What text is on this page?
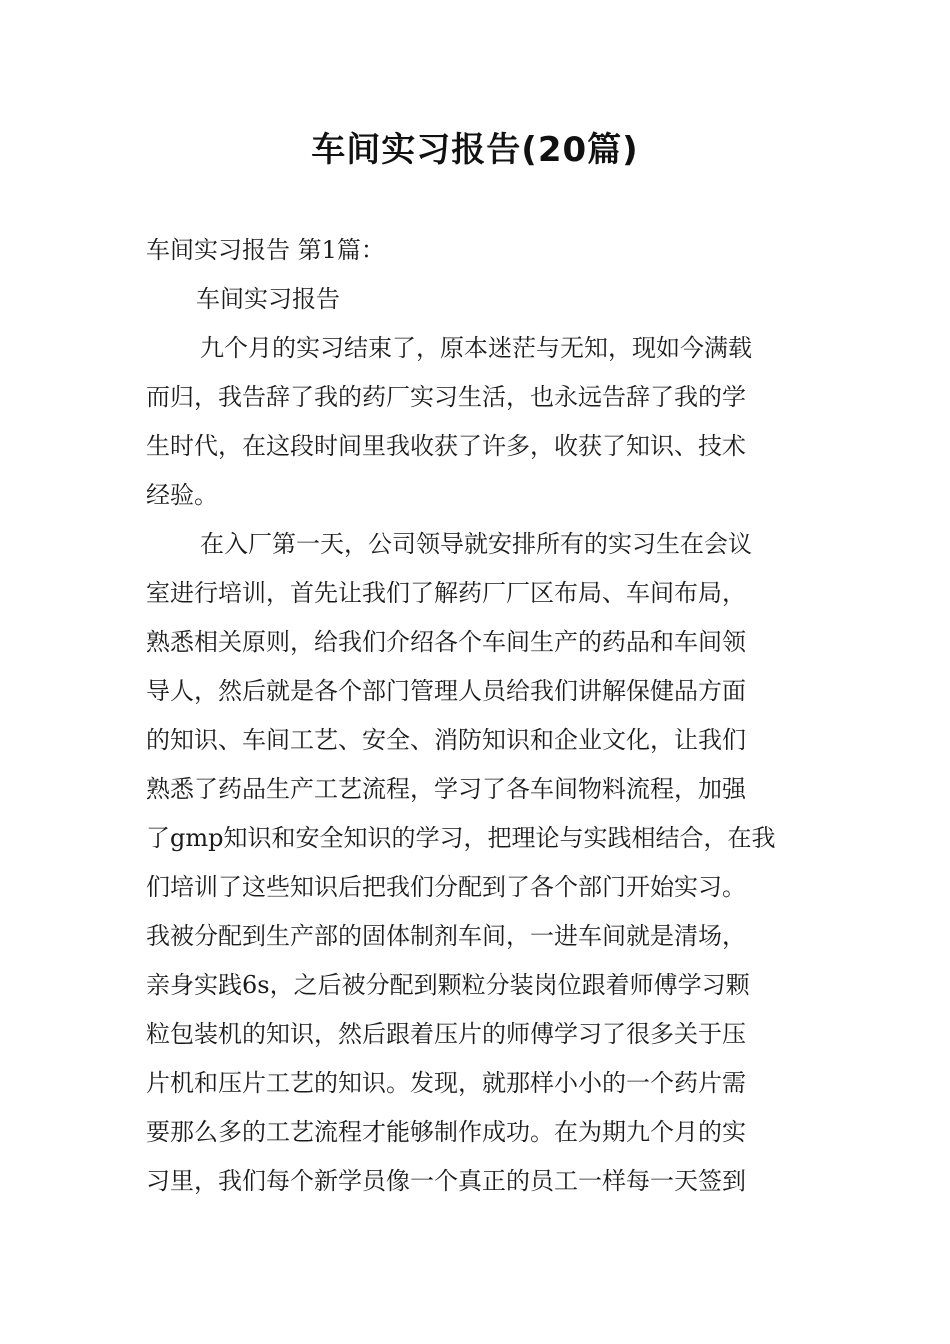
车间实习报告(20篇)

车间实习报告 第1篇：

车间实习报告

九个月的实习结束了，原本迷茫与无知，现如今满载

而归，我告辞了我的药厂实习生活，也永远告辞了我的学

生时代，在这段时间里我收获了许多，收获了知识、技术

经验。

在入厂第一天，公司领导就安排所有的实习生在会议

室进行培训，首先让我们了解药厂厂区布局、车间布局，

熟悉相关原则，给我们介绍各个车间生产的药品和车间领

导人，然后就是各个部门管理人员给我们讲解保健品方面

的知识、车间工艺、安全、消防知识和企业文化，让我们

熟悉了药品生产工艺流程，学习了各车间物料流程，加强

了gmp知识和安全知识的学习，把理论与实践相结合，在我

们培训了这些知识后把我们分配到了各个部门开始实习。

我被分配到生产部的固体制剂车间，一进车间就是清场，

亲身实践6s，之后被分配到颗粒分装岗位跟着师傅学习颗

粒包装机的知识，然后跟着压片的师傅学习了很多关于压

片机和压片工艺的知识。发现，就那样小小的一个药片需

要那么多的工艺流程才能够制作成功。在为期九个月的实

习里，我们每个新学员像一个真正的员工一样每一天签到
